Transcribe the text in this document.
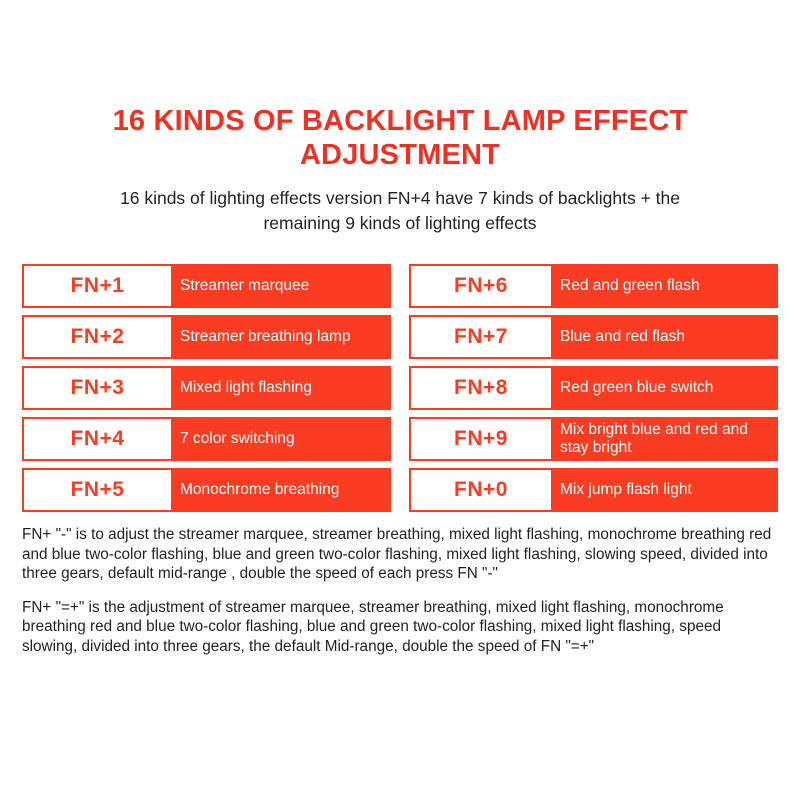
16 KINDS OF BACKLIGHT LAMP EFFECT ADJUSTMENT

16 kinds of lighting effects version FN+4 have 7 kinds of backlights + the remaining 9 kinds of lighting effects

FN+1	Streamer marquee
FN+2	Streamer breathing lamp
FN+3	Mixed light flashing
FN+4	7 color switching
FN+5	Monochrome breathing
FN+6	Red and green flash
FN+7	Blue and red flash
FN+8	Red green blue switch
FN+9	Mix bright blue and red and stay bright
FN+0	Mix jump flash light

FN+ "-" is to adjust the streamer marquee, streamer breathing, mixed light flashing, monochrome breathing red and blue two-color flashing, blue and green two-color flashing, mixed light flashing, slowing speed, divided into three gears, default mid-range , double the speed of each press FN "-"

FN+ "=+" is the adjustment of streamer marquee, streamer breathing, mixed light flashing, monochrome breathing red and blue two-color flashing, blue and green two-color flashing, mixed light flashing, speed slowing, divided into three gears, the default Mid-range, double the speed of FN "=+"
